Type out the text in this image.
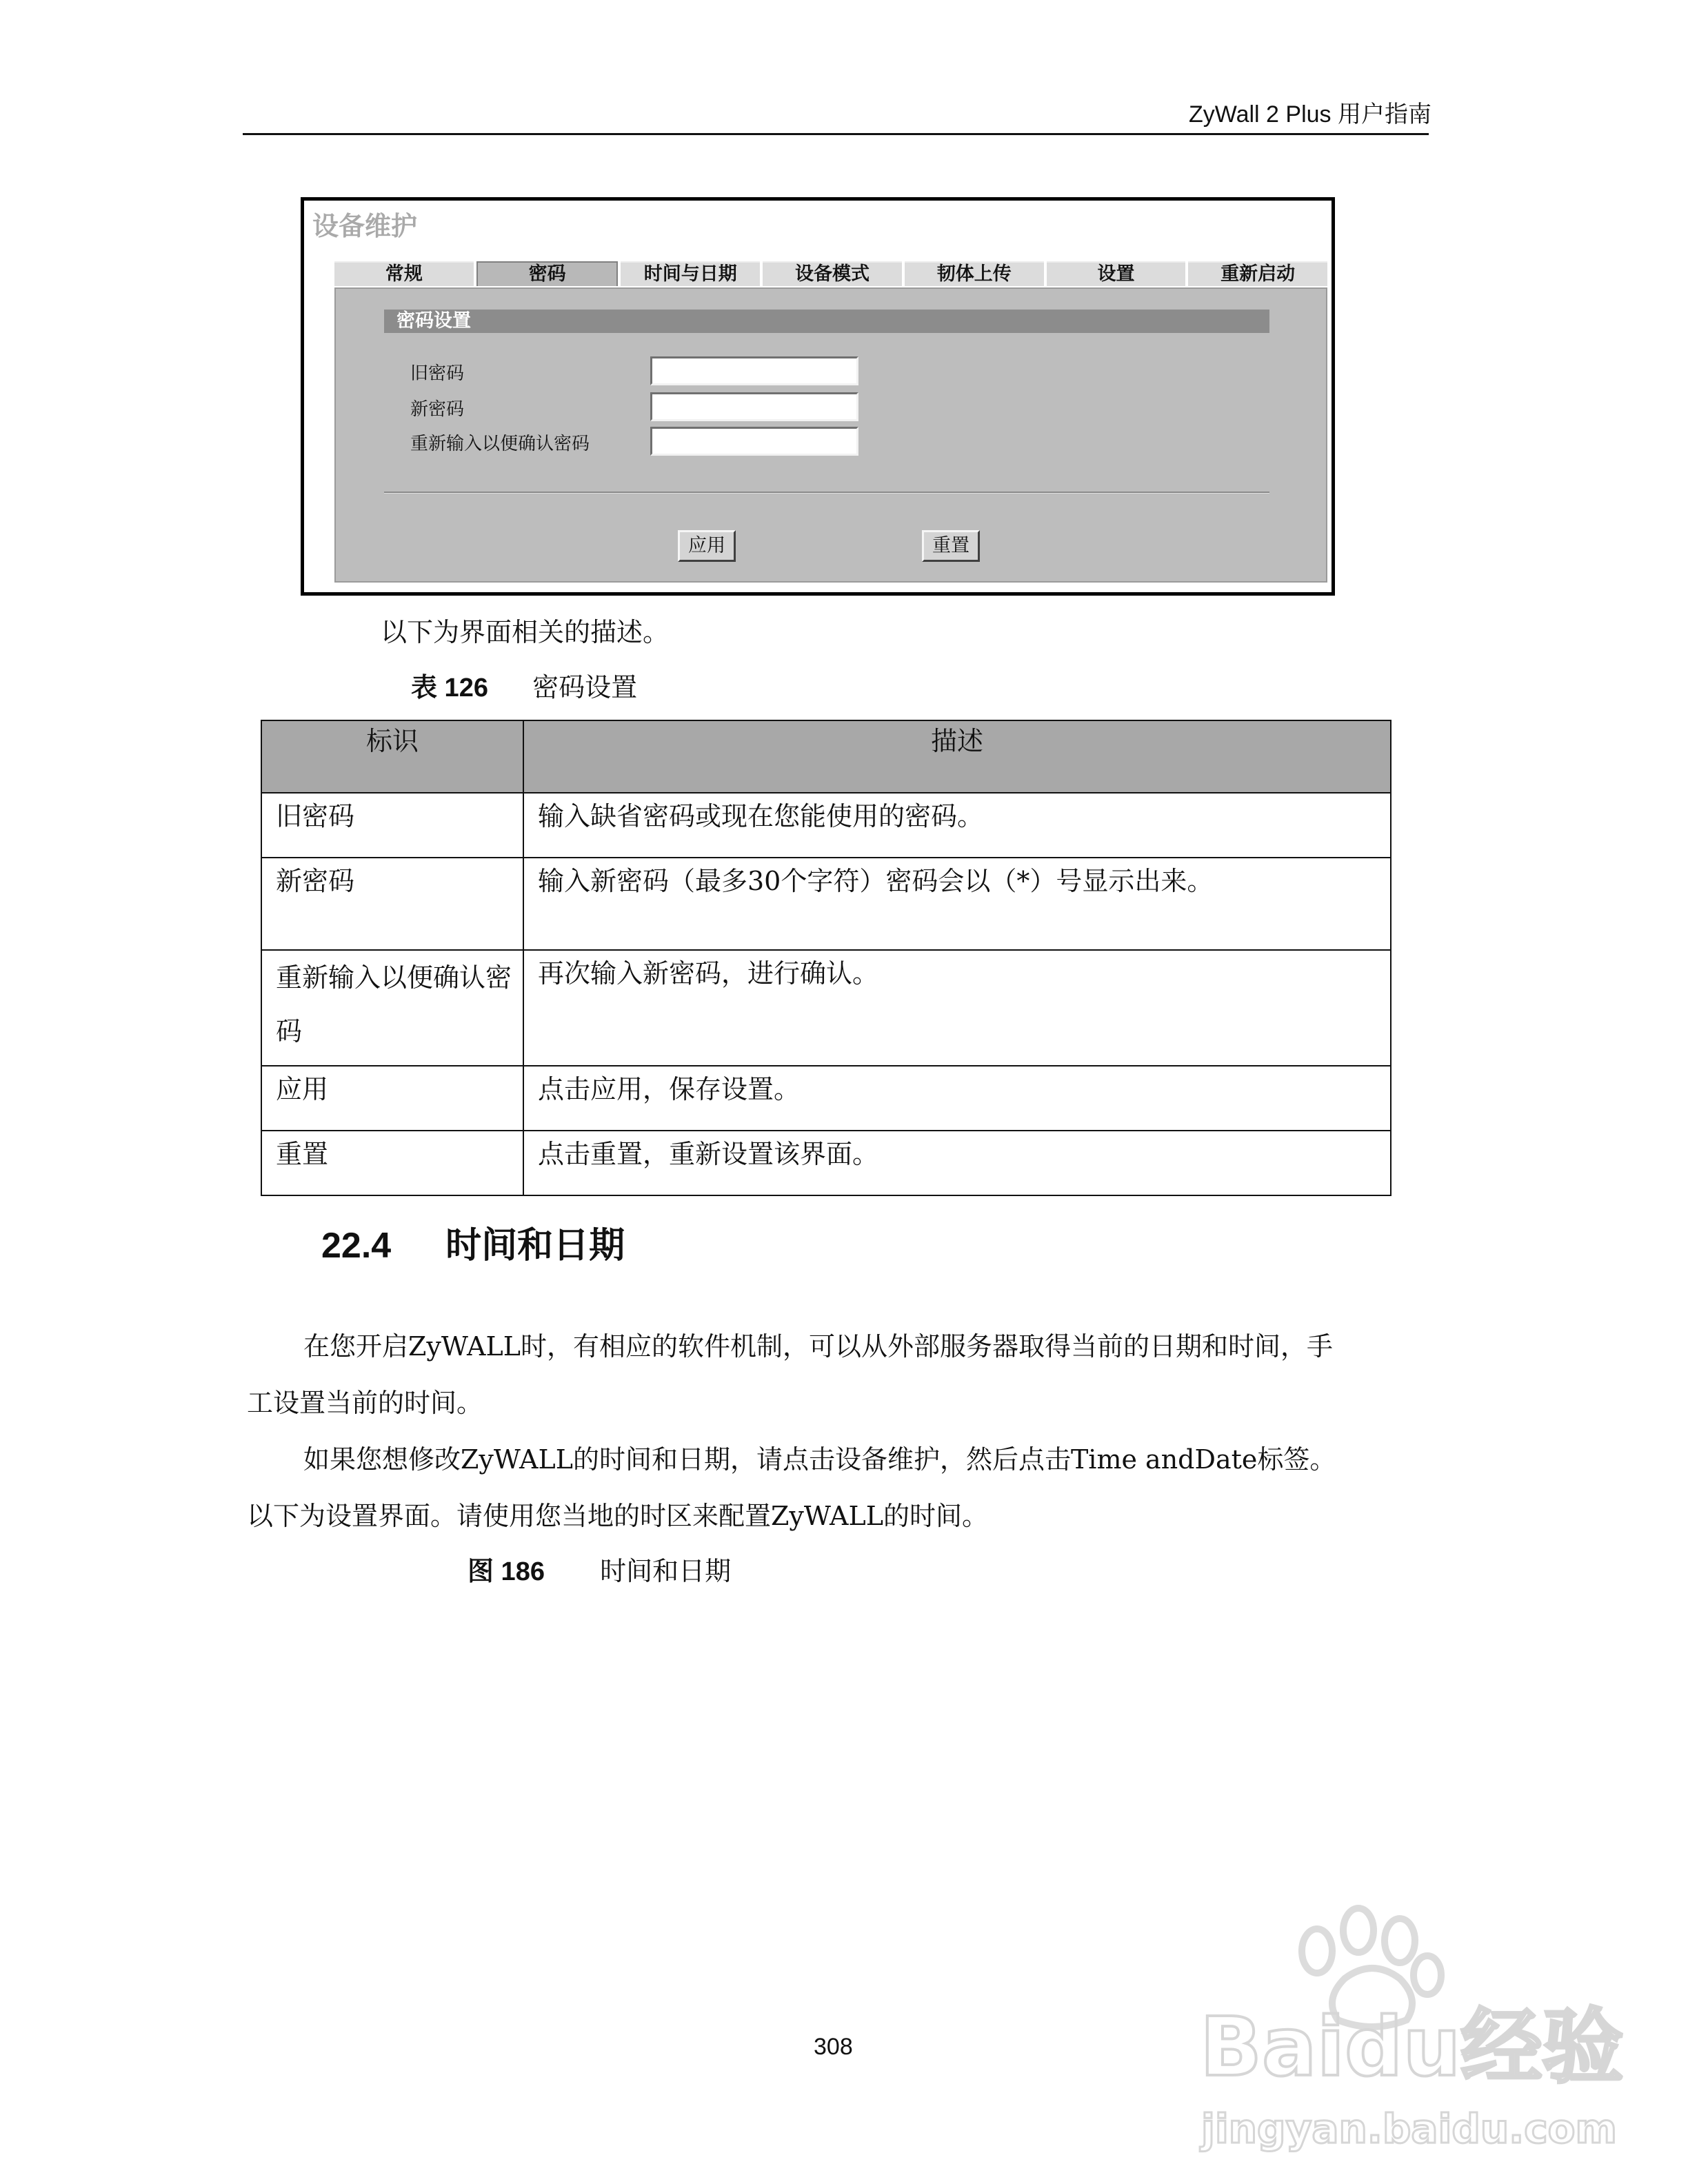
ZyWall 2 Plus 用户指南
设备维护
常规	密码	时间与日期	设备模式	韧体上传	设置	重新启动
密码设置
旧密码
新密码
重新输入以便确认密码
应用	重置
以下为界面相关的描述。
表 126 密码设置
标识	描述
旧密码	输入缺省密码或现在您能使用的密码。
新密码	输入新密码（最多30个字符）密码会以（*）号显示出来。
重新输入以便确认密码	再次输入新密码，进行确认。
应用	点击应用，保存设置。
重置	点击重置，重新设置该界面。
22.4 时间和日期
在您开启ZyWALL时，有相应的软件机制，可以从外部服务器取得当前的日期和时间，手
工设置当前的时间。
如果您想修改ZyWALL的时间和日期，请点击设备维护，然后点击Time andDate标签。
以下为设置界面。请使用您当地的时区来配置ZyWALL的时间。
图 186 时间和日期
308	Baidu经验
jingyan.baidu.com
